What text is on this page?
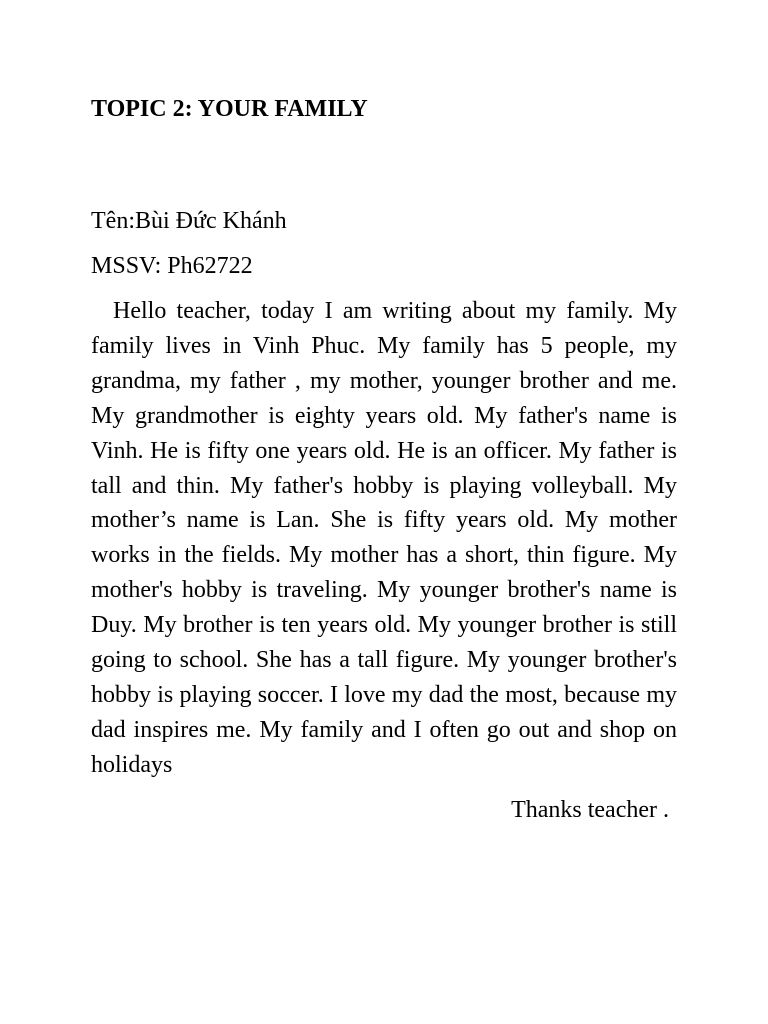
TOPIC 2: YOUR FAMILY

Tên:Bùi Đức Khánh

MSSV: Ph62722

Hello teacher, today I am writing about my family. My family lives in Vinh Phuc. My family has 5 people, my grandma, my father , my mother, younger brother and me. My grandmother is eighty years old. My father's name is Vinh. He is fifty one years old. He is an officer. My father is tall and thin. My father's hobby is playing volleyball. My mother’s name is Lan. She is fifty years old. My mother works in the fields. My mother has a short, thin figure. My mother's hobby is traveling. My younger brother's name is Duy. My brother is ten years old. My younger brother is still going to school. She has a tall figure. My younger brother's hobby is playing soccer. I love my dad the most, because my dad inspires me. My family and I often go out and shop on holidays

Thanks teacher .
